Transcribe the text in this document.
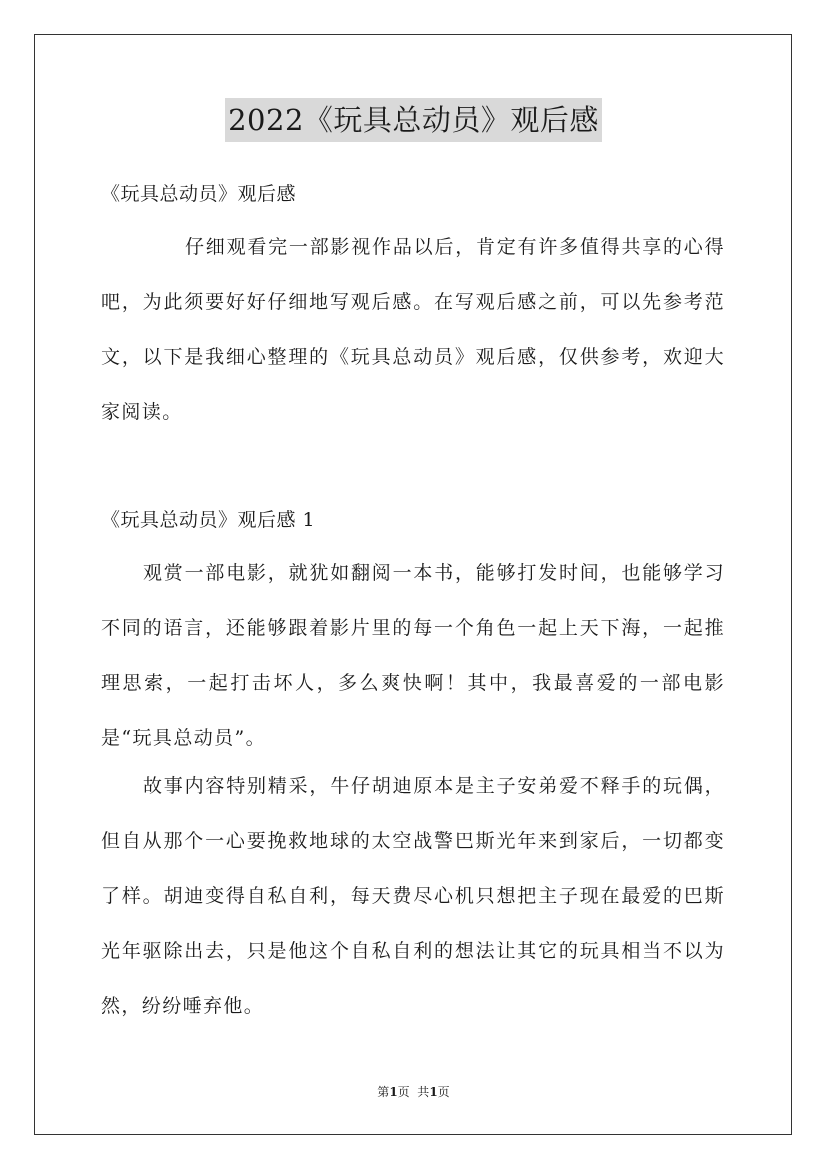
2022《玩具总动员》观后感

《玩具总动员》观后感

仔细观看完一部影视作品以后，肯定有许多值得共享的心得吧，为此须要好好仔细地写观后感。在写观后感之前，可以先参考范文，以下是我细心整理的《玩具总动员》观后感，仅供参考，欢迎大家阅读。

《玩具总动员》观后感 1

观赏一部电影，就犹如翻阅一本书，能够打发时间，也能够学习不同的语言，还能够跟着影片里的每一个角色一起上天下海，一起推理思索，一起打击坏人，多么爽快啊！其中，我最喜爱的一部电影是“玩具总动员”。

故事内容特别精采，牛仔胡迪原本是主子安弟爱不释手的玩偶，但自从那个一心要挽救地球的太空战警巴斯光年来到家后，一切都变了样。胡迪变得自私自利，每天费尽心机只想把主子现在最爱的巴斯光年驱除出去，只是他这个自私自利的想法让其它的玩具相当不以为然，纷纷唾弃他。

第1页  共1页
